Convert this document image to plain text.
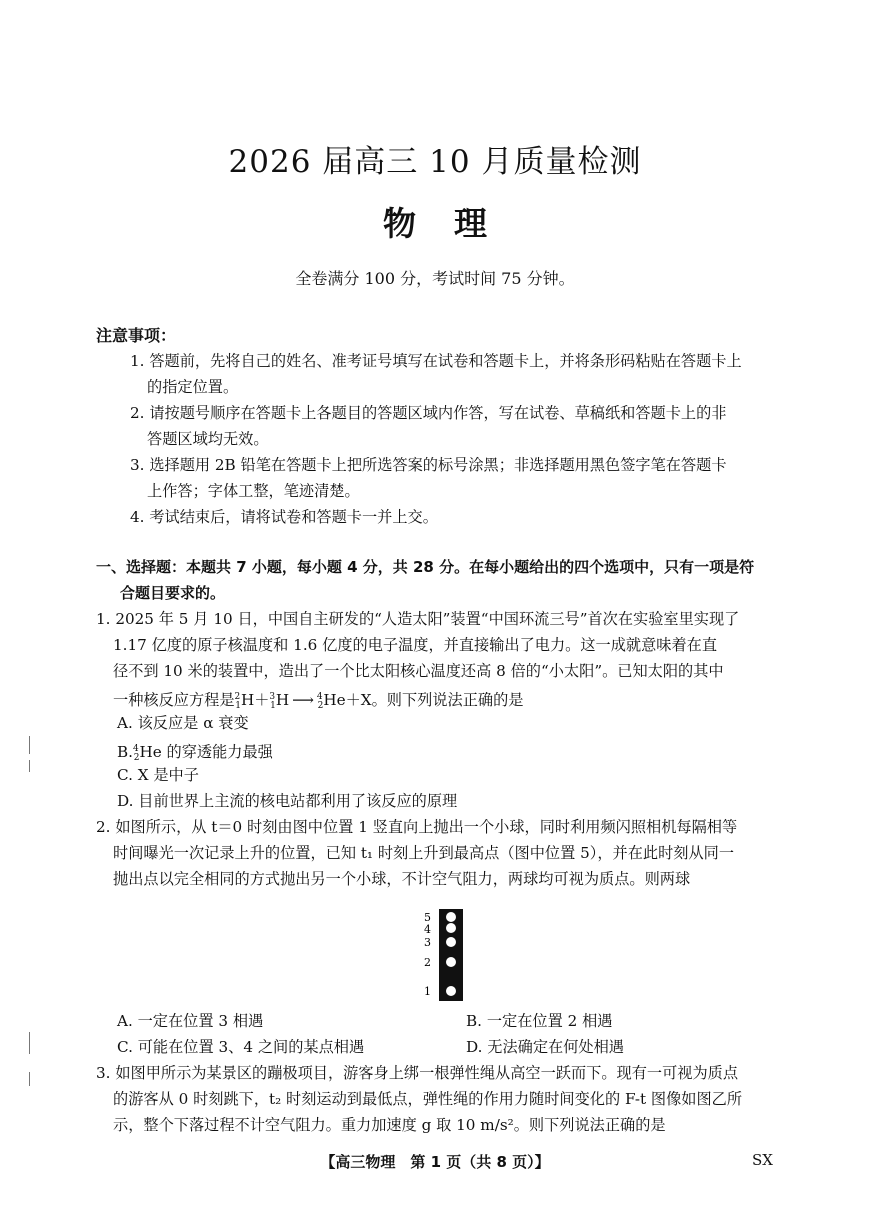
2026 届高三 10 月质量检测
物 理
全卷满分 100 分，考试时间 75 分钟。
注意事项：
1. 答题前，先将自己的姓名、准考证号填写在试卷和答题卡上，并将条形码粘贴在答题卡上
的指定位置。
2. 请按题号顺序在答题卡上各题目的答题区域内作答，写在试卷、草稿纸和答题卡上的非
答题区域均无效。
3. 选择题用 2B 铅笔在答题卡上把所选答案的标号涂黑；非选择题用黑色签字笔在答题卡
上作答；字体工整，笔迹清楚。
4. 考试结束后，请将试卷和答题卡一并上交。
一、选择题：本题共 7 小题，每小题 4 分，共 28 分。在每小题给出的四个选项中，只有一项是符
合题目要求的。
1. 2025 年 5 月 10 日，中国自主研发的“人造太阳”装置“中国环流三号”首次在实验室里实现了
1.17 亿度的原子核温度和 1.6 亿度的电子温度，并直接输出了电力。这一成就意味着在直
径不到 10 米的装置中，造出了一个比太阳核心温度还高 8 倍的“小太阳”。已知太阳的其中
一种核反应方程是$^2_1$H＋$^3_1$H ⟶ $^4_2$He＋X。则下列说法正确的是
A. 该反应是 α 衰变
B.$^4_2$He 的穿透能力最强
C. X 是中子
D. 目前世界上主流的核电站都利用了该反应的原理
2. 如图所示，从 t＝0 时刻由图中位置 1 竖直向上抛出一个小球，同时利用频闪照相机每隔相等
时间曝光一次记录上升的位置，已知 t₁ 时刻上升到最高点（图中位置 5），并在此时刻从同一
抛出点以完全相同的方式抛出另一个小球，不计空气阻力，两球均可视为质点。则两球
5
4
3
2
1
A. 一定在位置 3 相遇	B. 一定在位置 2 相遇
C. 可能在位置 3、4 之间的某点相遇	D. 无法确定在何处相遇
3. 如图甲所示为某景区的蹦极项目，游客身上绑一根弹性绳从高空一跃而下。现有一可视为质点
的游客从 0 时刻跳下，t₂ 时刻运动到最低点，弹性绳的作用力随时间变化的 F-t 图像如图乙所
示，整个下落过程不计空气阻力。重力加速度 g 取 10 m/s²。则下列说法正确的是
【高三物理　第 1 页（共 8 页）】	SX
